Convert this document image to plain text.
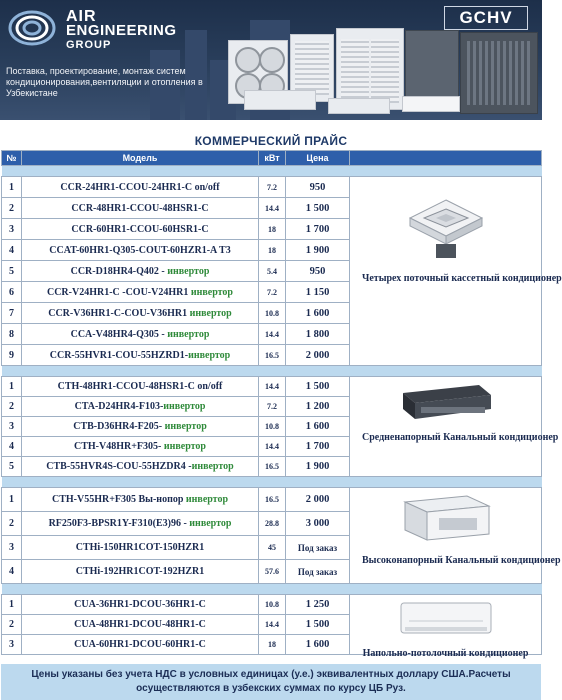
AIR
ENGINEERING
GROUP
GCHV
Поставка, проектирование, монтаж систем кондиционирования,вентиляции и отопления в Узбекистане
КОММЕРЧЕСКИЙ ПРАЙС
№	Модель	кВт	Цена	

1	CCR-24HR1-CCOU-24HR1-C on/off	7.2	950	Четырех поточный кассетный кондиционер

2	CCR-48HR1-CCOU-48HSR1-C	14.4	1 500	
3	CCR-60HR1-CCOU-60HSR1-C	18	1 700	
4	CCAT-60HR1-Q305-COUT-60HZR1-A T3	18	1 900	
5	CCR-D18HR4-Q402 - инвертор	5.4	950	
6	CCR-V24HR1-C -COU-V24HR1 инвертор	7.2	1 150	
7	CCR-V36HR1-C-COU-V36HR1 инвертор	10.8	1 600	
8	CCA-V48HR4-Q305 - инвертор	14.4	1 800	
9	CCR-55HVR1-COU-55HZRD1-инвертор	16.5	2 000	

1	CTH-48HR1-CCOU-48HSR1-C on/off	14.4	1 500	Средненапорный Канальный кондиционер

2	CTA-D24HR4-F103-инвертор	7.2	1 200	
3	CTB-D36HR4-F205- инвертор	10.8	1 600	
4	CTH-V48HR+F305- инвертор	14.4	1 700	
5	CTB-55HVR4S-COU-55HZDR4 -инвертор	16.5	1 900	

1	CTH-V55HR+F305 Вы-нопор инвертор	16.5	2 000	Высоконапорный Канальный кондиционер

2	RF250F3-BPSR1Y-F310(E3)96 - инвертор	28.8	3 000	
3	CTHi-150HR1COT-150HZR1	45	Под заказ	
4	CTHi-192HR1COT-192HZR1	57.6	Под заказ	

1	CUA-36HR1-DCOU-36HR1-C	10.8	1 250	Напольно-потолочный кондиционер

2	CUA-48HR1-DCOU-48HR1-C	14.4	1 500	
3	CUA-60HR1-DCOU-60HR1-C	18	1 600	
Цены указаны без учета НДС в условных единицах (у.е.) эквивалентных доллару США.Расчеты осуществляются в узбекских суммах по курсу ЦБ Руз.
